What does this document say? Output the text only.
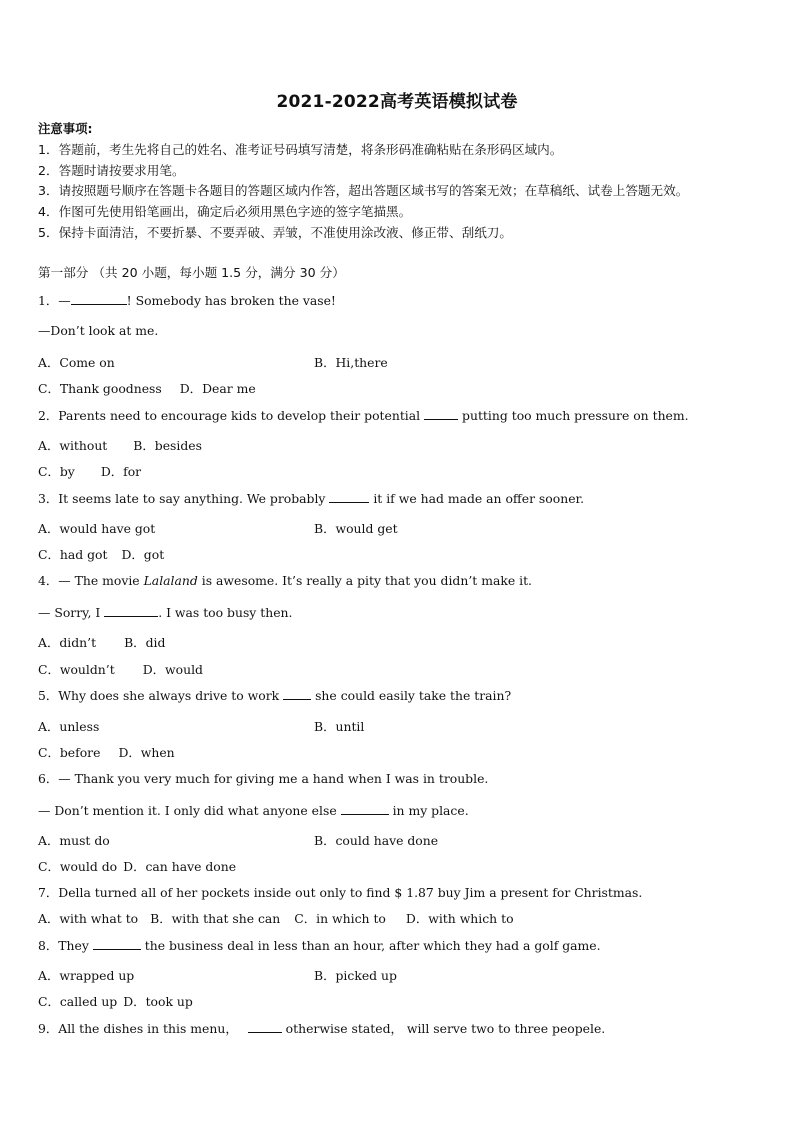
2021-2022高考英语模拟试卷
注意事项:
1．答题前，考生先将自己的姓名、准考证号码填写清楚，将条形码准确粘贴在条形码区域内。
2．答题时请按要求用笔。
3．请按照题号顺序在答题卡各题目的答题区域内作答，超出答题区域书写的答案无效；在草稿纸、试卷上答题无效。
4．作图可先使用铅笔画出，确定后必须用黑色字迹的签字笔描黑。
5．保持卡面清洁，不要折暴、不要弄破、弄皱，不准使用涂改液、修正带、刮纸刀。
第一部分 （共 20 小题，每小题 1.5 分，满分 30 分）
1．—	! Somebody has broken the vase!
—Don’t look at me.
A．Come on	B．Hi,there
C．Thank goodness D．Dear me
2．Parents need to encourage kids to develop their potential	putting too much pressure on them.
A．without B．besides
C．by D．for
3．It seems late to say anything. We probably	it if we had made an offer sooner.
A．would have got	B．would get
C．had got D．got
4．— The movie Lalaland is awesome. It’s really a pity that you didn’t make it.
— Sorry, I	. I was too busy then.
A．didn’t B．did
C．wouldn’t D．would
5．Why does she always drive to work	she could easily take the train?
A．unless	B．until
C．before D．when
6．— Thank you very much for giving me a hand when I was in trouble.
— Don’t mention it. I only did what anyone else	in my place.
A．must do	B．could have done
C．would do D．can have done
7．Della turned all of her pockets inside out only to find $ 1.87 buy Jim a present for Christmas.
A．with what to B．with that she can C．in which to D．with which to
8．They	the business deal in less than an hour, after which they had a golf game.
A．wrapped up	B．picked up
C．called up D．took up
9．All the dishes in this menu，	otherwise stated， will serve two to three peopele.
